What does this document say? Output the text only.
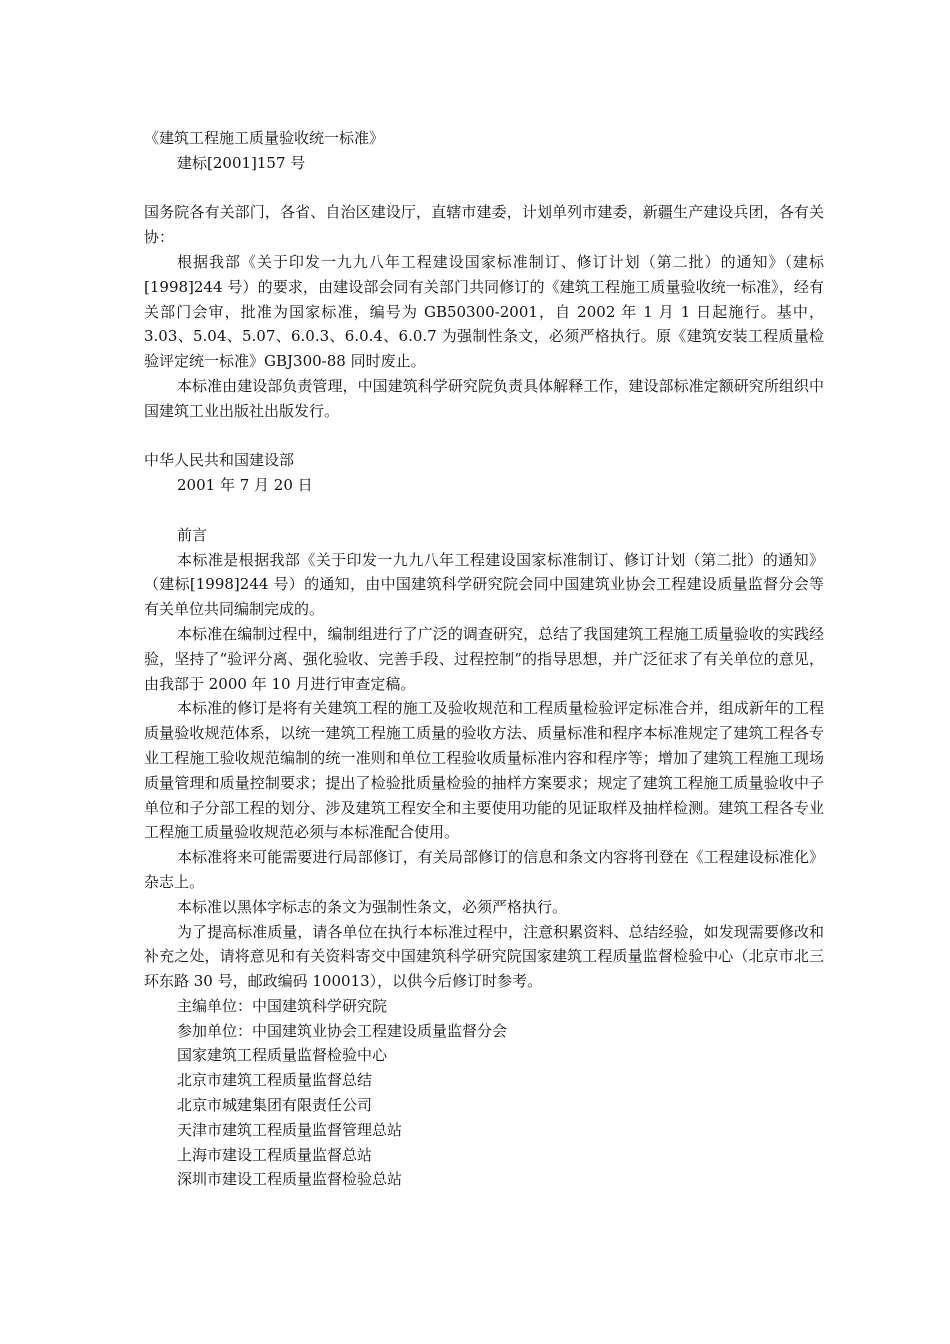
《建筑工程施工质量验收统一标准》
建标[2001]157 号
国务院各有关部门，各省、自治区建设厅，直辖市建委，计划单列市建委，新疆生产建设兵团，各有关协：
根据我部《关于印发一九九八年工程建设国家标准制订、修订计划（第二批）的通知》（建标[1998]244 号）的要求，由建设部会同有关部门共同修订的《建筑工程施工质量验收统一标准》，经有关部门会审，批准为国家标准，编号为 GB50300-2001，自 2002 年 1 月 1 日起施行。基中，3.03、5.04、5.07、6.0.3、6.0.4、6.0.7 为强制性条文，必须严格执行。原《建筑安装工程质量检验评定统一标准》GBJ300-88 同时废止。
本标准由建设部负责管理，中国建筑科学研究院负责具体解释工作，建设部标准定额研究所组织中国建筑工业出版社出版发行。
中华人民共和国建设部
2001 年 7 月 20 日
前言
本标准是根据我部《关于印发一九九八年工程建设国家标准制订、修订计划（第二批）的通知》（建标[1998]244 号）的通知，由中国建筑科学研究院会同中国建筑业协会工程建设质量监督分会等有关单位共同编制完成的。
本标准在编制过程中，编制组进行了广泛的调查研究，总结了我国建筑工程施工质量验收的实践经验，坚持了“验评分离、强化验收、完善手段、过程控制”的指导思想，并广泛征求了有关单位的意见，由我部于 2000 年 10 月进行审查定稿。
本标准的修订是将有关建筑工程的施工及验收规范和工程质量检验评定标准合并，组成新年的工程质量验收规范体系，以统一建筑工程施工质量的验收方法、质量标准和程序本标准规定了建筑工程各专业工程施工验收规范编制的统一准则和单位工程验收质量标准内容和程序等；增加了建筑工程施工现场质量管理和质量控制要求；提出了检验批质量检验的抽样方案要求；规定了建筑工程施工质量验收中子单位和子分部工程的划分、涉及建筑工程安全和主要使用功能的见证取样及抽样检测。建筑工程各专业工程施工质量验收规范必须与本标准配合使用。
本标准将来可能需要进行局部修订，有关局部修订的信息和条文内容将刊登在《工程建设标准化》杂志上。
本标准以黑体字标志的条文为强制性条文，必须严格执行。
为了提高标准质量，请各单位在执行本标准过程中，注意积累资料、总结经验，如发现需要修改和补充之处，请将意见和有关资料寄交中国建筑科学研究院国家建筑工程质量监督检验中心（北京市北三环东路 30 号，邮政编码 100013），以供今后修订时参考。
主编单位：中国建筑科学研究院
参加单位：中国建筑业协会工程建设质量监督分会
国家建筑工程质量监督检验中心
北京市建筑工程质量监督总结
北京市城建集团有限责任公司
天津市建筑工程质量监督管理总站
上海市建设工程质量监督总站
深圳市建设工程质量监督检验总站
